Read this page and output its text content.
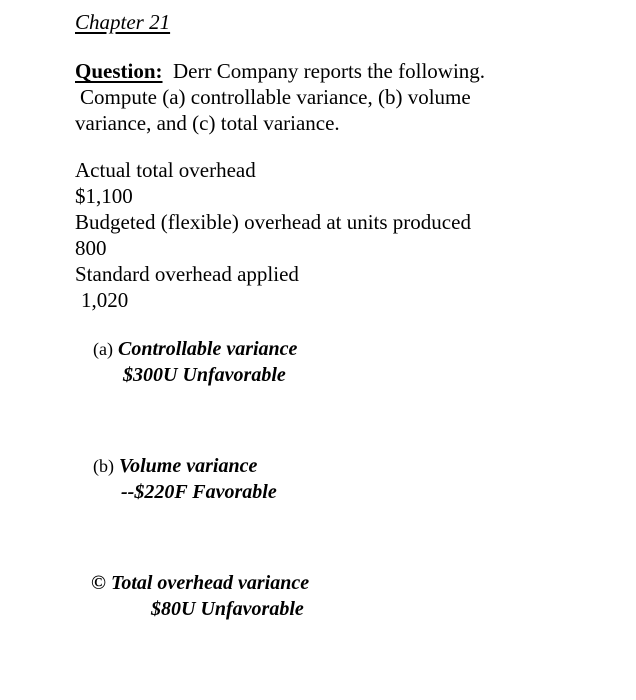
Chapter 21
Question: Derr Company reports the following.
Compute (a) controllable variance, (b) volume
variance, and (c) total variance.
Actual total overhead
$1,100
Budgeted (flexible) overhead at units produced
800
Standard overhead applied
1,020
(a) Controllable variance
$300U Unfavorable
(b) Volume variance
--$220F Favorable
© Total overhead variance
$80U Unfavorable
